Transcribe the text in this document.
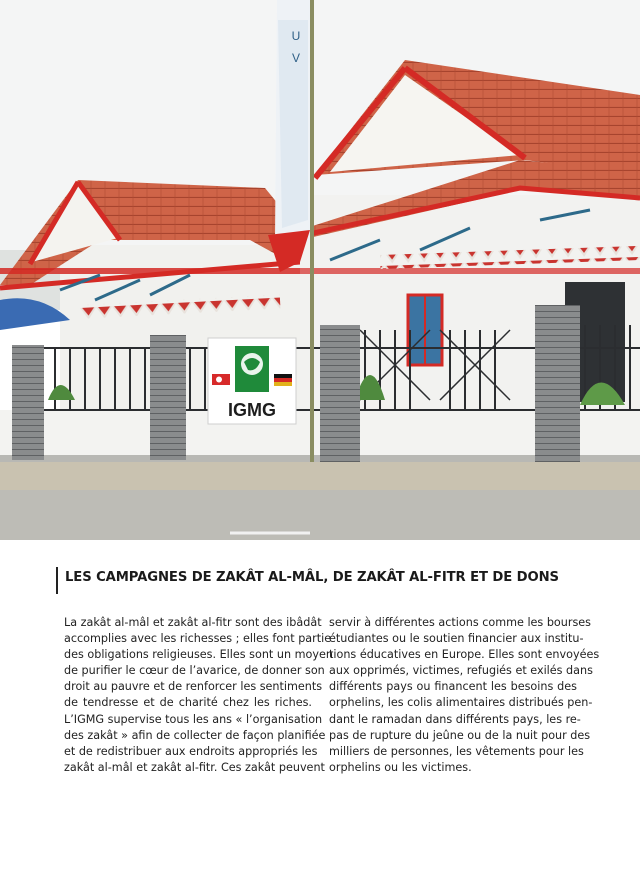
IGMG
U
V
LES CAMPAGNES DE ZAKÂT AL-MÂL, DE ZAKÂT AL-FITR ET DE DONS
La zakât al-mâl et zakât al-fitr sont des ibâdât
accomplies avec les richesses ; elles font partie
des obligations religieuses. Elles sont un moyen
de purifier le cœur de l’avarice, de donner son
droit au pauvre et de renforcer les sentiments
de tendresse et de charité chez les riches.
L’IGMG supervise tous les ans « l’organisation
des zakât » afin de collecter de façon planifiée
et de redistribuer aux endroits appropriés les
zakât al-mâl et zakât al-fitr. Ces zakât peuvent
servir à différentes actions comme les bourses
étudiantes ou le soutien financier aux institu-
tions éducatives en Europe. Elles sont envoyées
aux opprimés, victimes, refugiés et exilés dans
différents pays ou financent les besoins des
orphelins, les colis alimentaires distribués pen-
dant le ramadan dans différents pays, les re-
pas de rupture du jeûne ou de la nuit pour des
milliers de personnes, les vêtements pour les
orphelins ou les victimes.
